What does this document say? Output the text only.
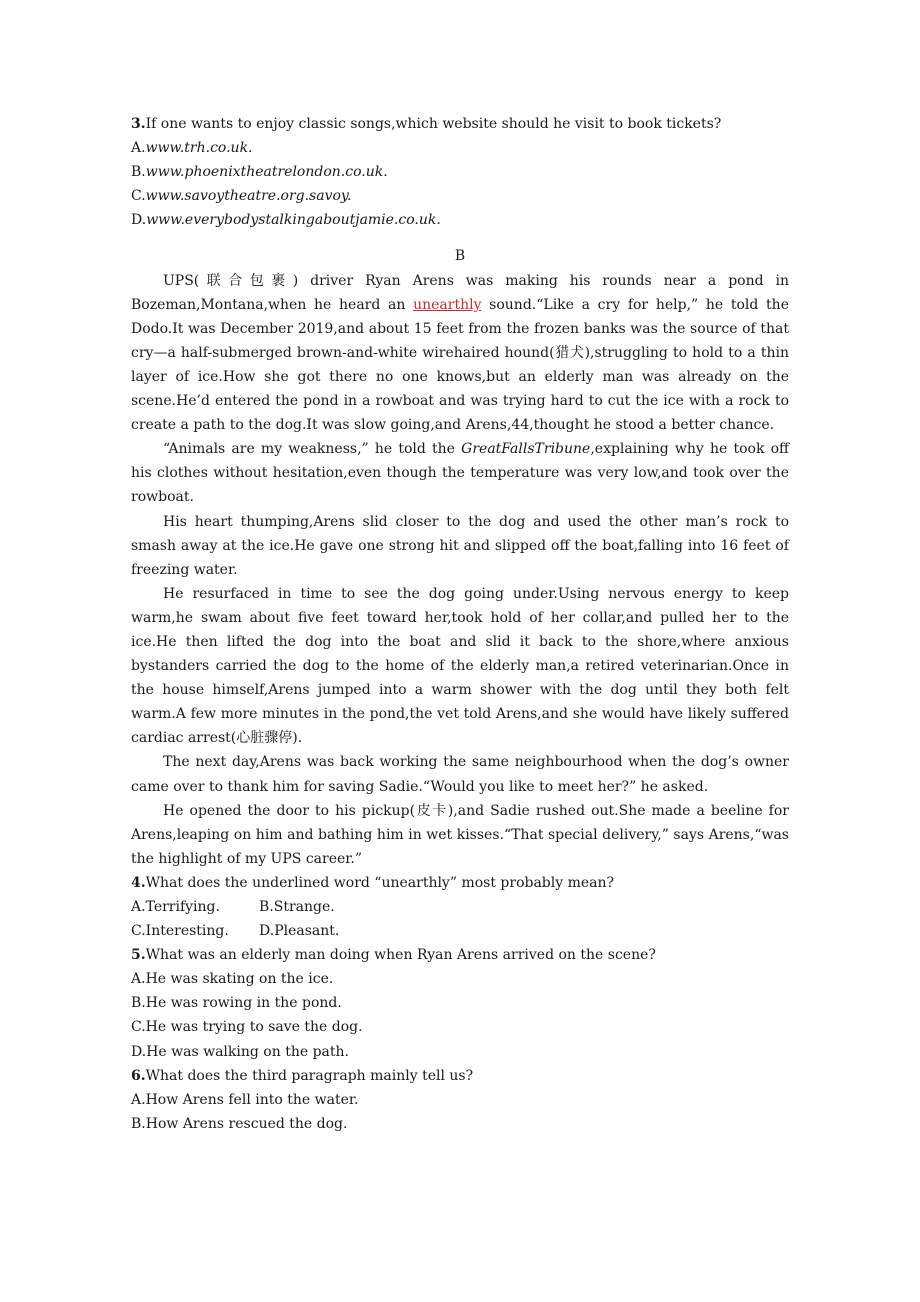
3.If one wants to enjoy classic songs,which website should he visit to book tickets?

A.www.trh.co.uk.

B.www.phoenixtheatrelondon.co.uk.

C.www.savoytheatre.org.savoy.

D.www.everybodystalkingaboutjamie.co.uk.

B

UPS(联合包裹) driver Ryan Arens was making his rounds near a pond in Bozeman,Montana,when he heard an unearthly sound.“Like a cry for help,” he told the Dodo.It was December 2019,and about 15 feet from the frozen banks was the source of that cry—a half-submerged brown-and-white wirehaired hound(猎犬),struggling to hold to a thin layer of ice.How she got there no one knows,but an elderly man was already on the scene.He’d entered the pond in a rowboat and was trying hard to cut the ice with a rock to create a path to the dog.It was slow going,and Arens,44,thought he stood a better chance.

“Animals are my weakness,” he told the GreatFallsTribune,explaining why he took off his clothes without hesitation,even though the temperature was very low,and took over the rowboat.

His heart thumping,Arens slid closer to the dog and used the other man’s rock to smash away at the ice.He gave one strong hit and slipped off the boat,falling into 16 feet of freezing water.

He resurfaced in time to see the dog going under.Using nervous energy to keep warm,he swam about five feet toward her,took hold of her collar,and pulled her to the ice.He then lifted the dog into the boat and slid it back to the shore,where anxious bystanders carried the dog to the home of the elderly man,a retired veterinarian.Once in the house himself,Arens jumped into a warm shower with the dog until they both felt warm.A few more minutes in the pond,the vet told Arens,and she would have likely suffered cardiac arrest(心脏骤停).

The next day,Arens was back working the same neighbourhood when the dog’s owner came over to thank him for saving Sadie.“Would you like to meet her?” he asked.

He opened the door to his pickup(皮卡),and Sadie rushed out.She made a beeline for Arens,leaping on him and bathing him in wet kisses.“That special delivery,” says Arens,“was the highlight of my UPS career.”

4.What does the underlined word “unearthly” most probably mean?

A.Terrifying.	B.Strange.

C.Interesting. D.Pleasant.

5.What was an elderly man doing when Ryan Arens arrived on the scene?

A.He was skating on the ice.

B.He was rowing in the pond.

C.He was trying to save the dog.

D.He was walking on the path.

6.What does the third paragraph mainly tell us?

A.How Arens fell into the water.

B.How Arens rescued the dog.
